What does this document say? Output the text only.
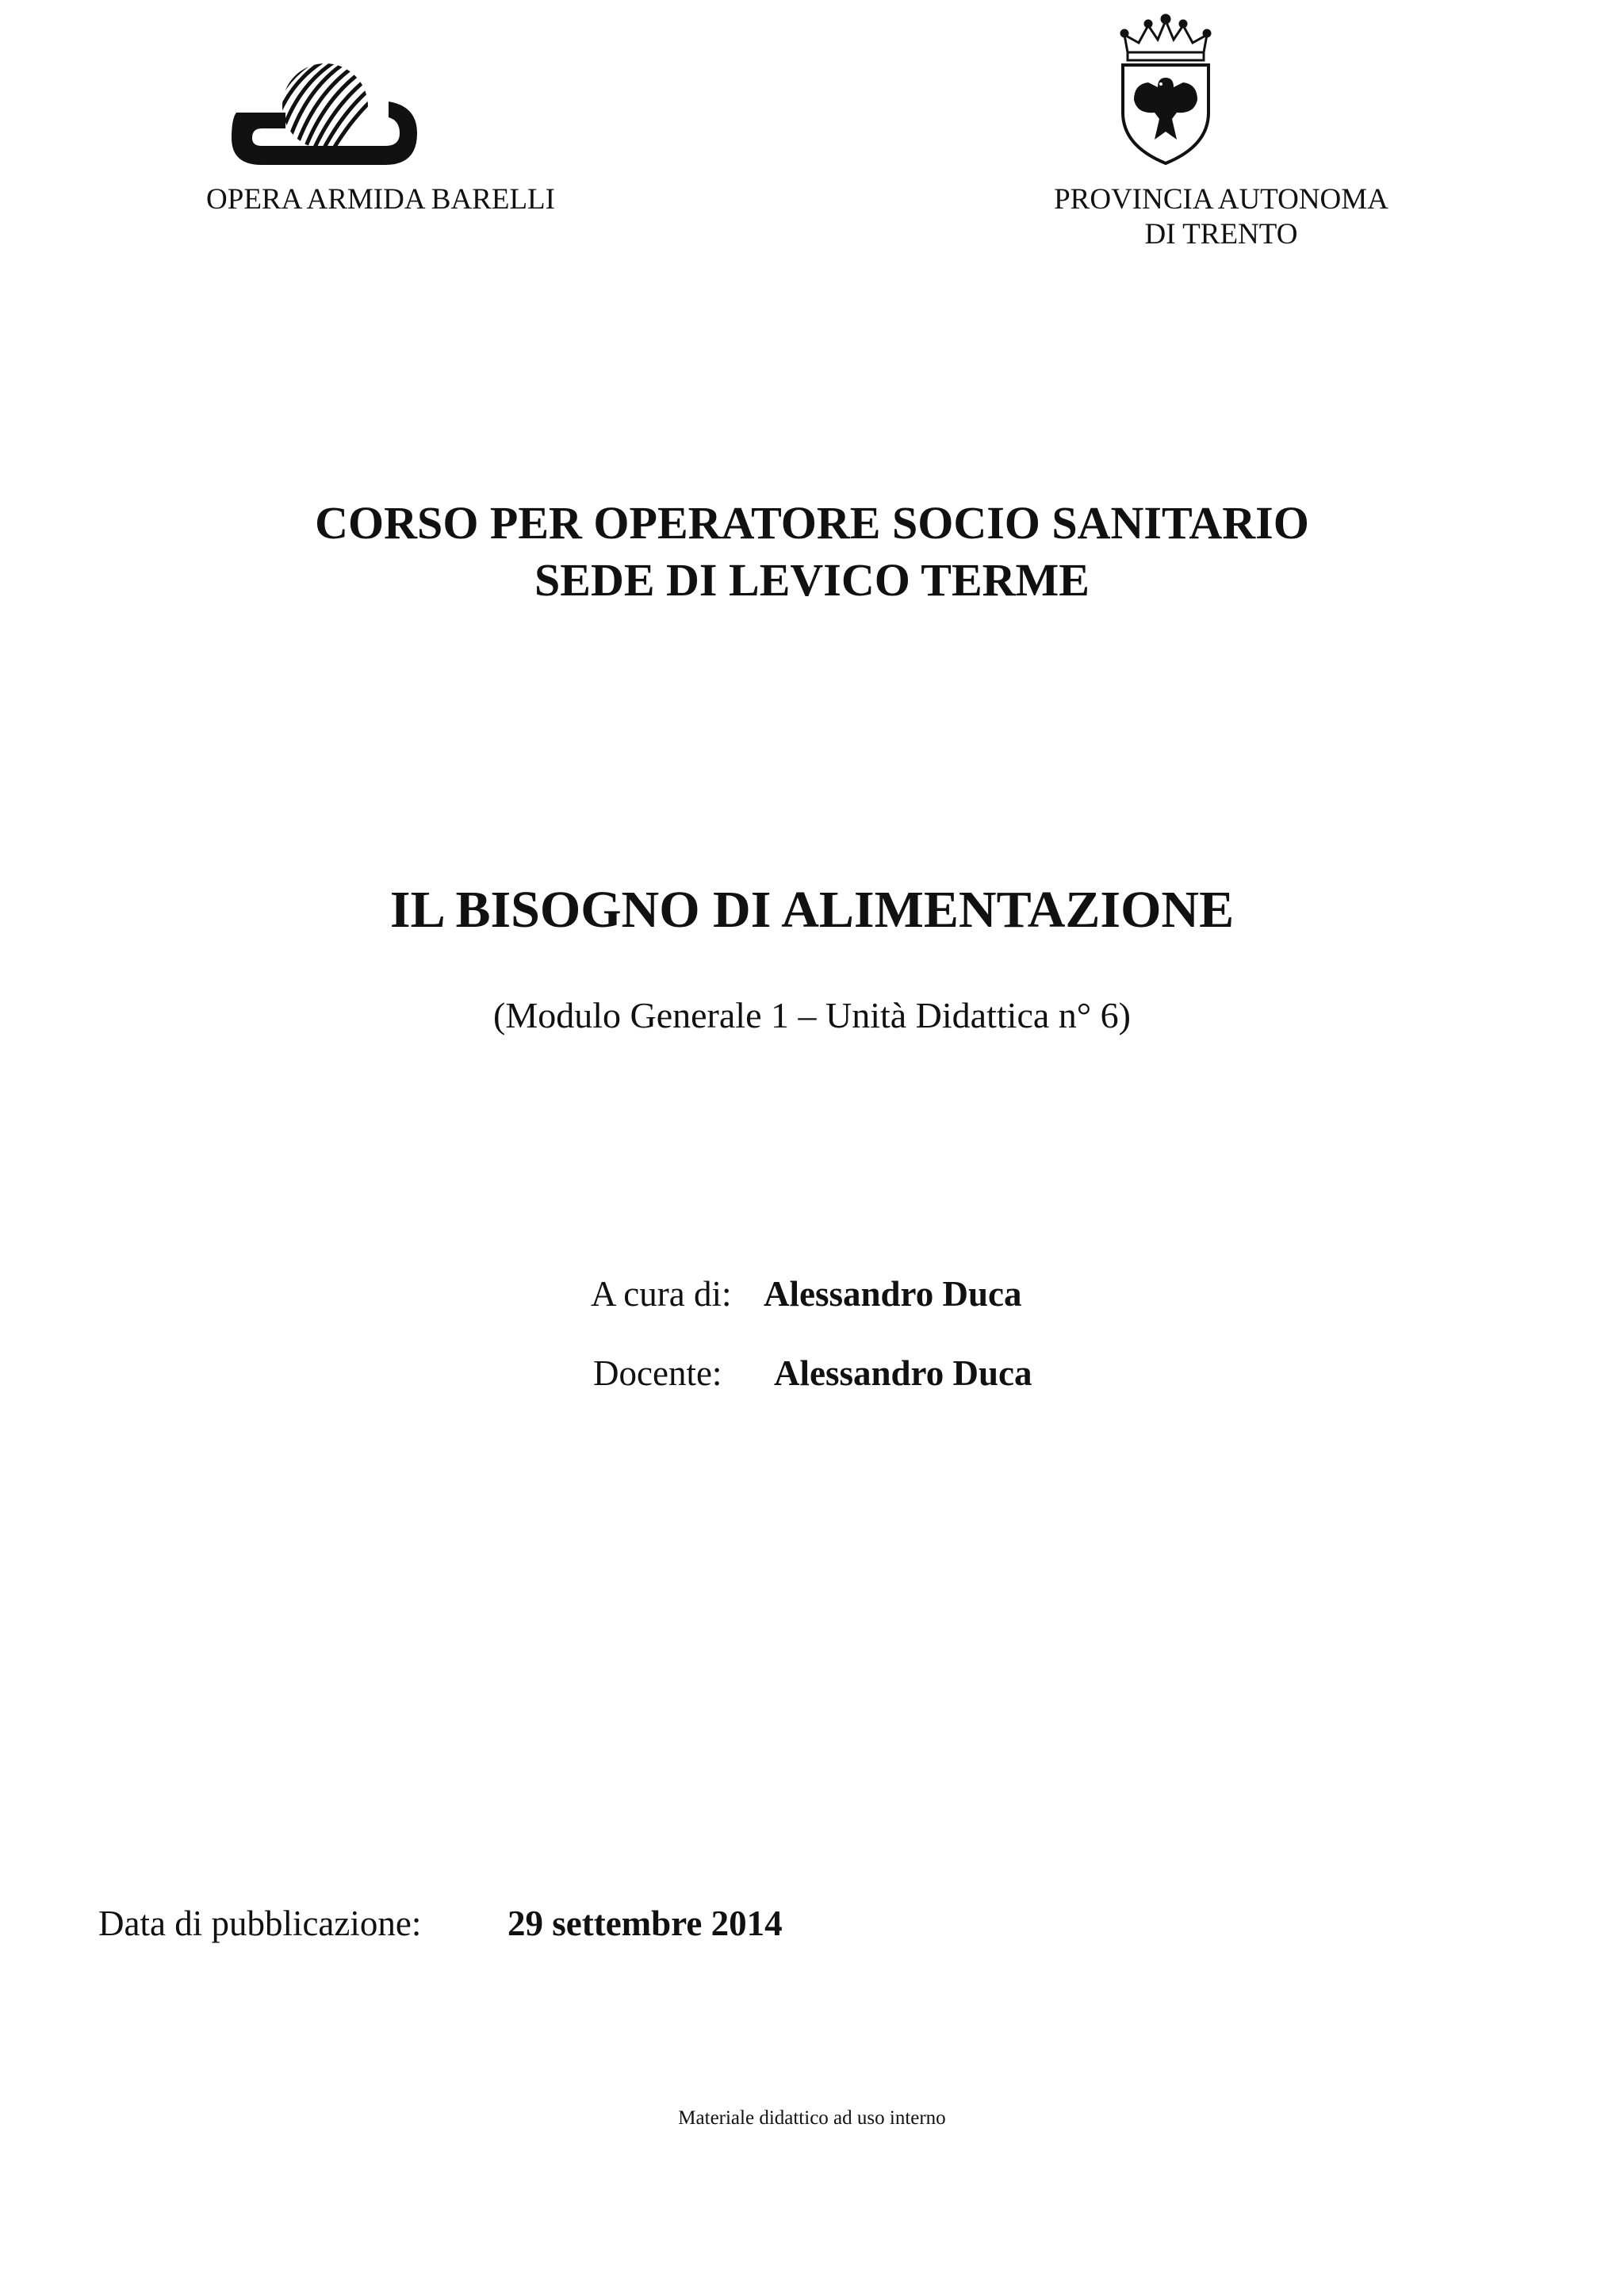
OPERA ARMIDA BARELLI	PROVINCIA AUTONOMA
DI TRENTO
CORSO PER OPERATORE SOCIO SANITARIO
SEDE DI LEVICO TERME
IL BISOGNO DI ALIMENTAZIONE
(Modulo Generale 1 – Unità Didattica n° 6)
A cura di: Alessandro Duca
Docente: Alessandro Duca
Data di pubblicazione: 29 settembre 2014
Materiale didattico ad uso interno
